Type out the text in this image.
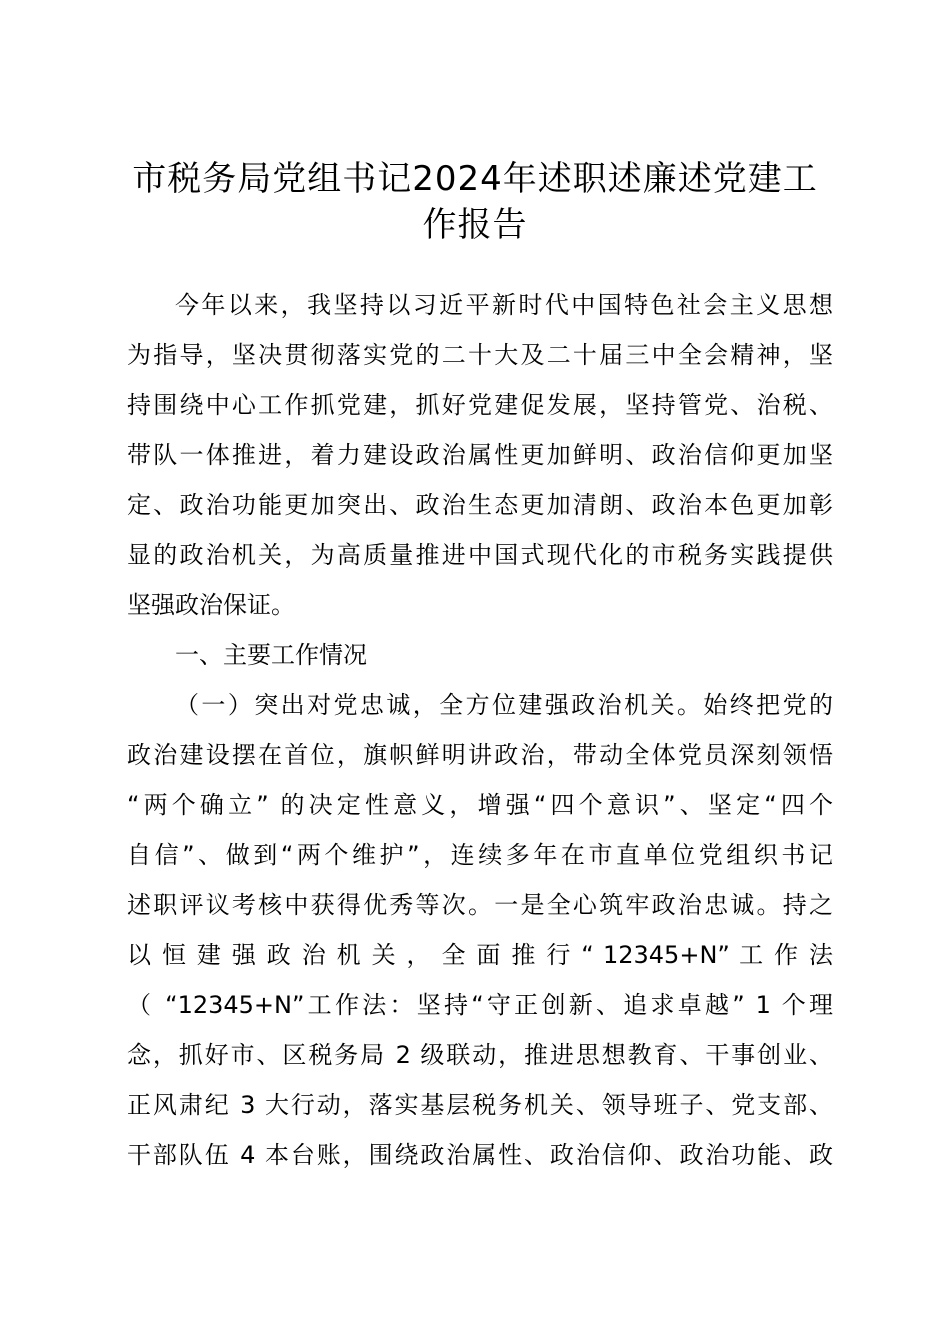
市税务局党组书记2024年述职述廉述党建工
作报告
今年以来，我坚持以习近平新时代中国特色社会主义思想
为指导，坚决贯彻落实党的二十大及二十届三中全会精神，坚
持围绕中心工作抓党建，抓好党建促发展，坚持管党、治税、
带队一体推进，着力建设政治属性更加鲜明、政治信仰更加坚
定、政治功能更加突出、政治生态更加清朗、政治本色更加彰
显的政治机关，为高质量推进中国式现代化的市税务实践提供
坚强政治保证。
一、主要工作情况
（一）突出对党忠诚，全方位建强政治机关。始终把党的
政治建设摆在首位，旗帜鲜明讲政治，带动全体党员深刻领悟
“两个确立” 的决定性意义，增强“四个意识”、坚定“四个
自信”、做到“两个维护”，连续多年在市直单位党组织书记
述职评议考核中获得优秀等次。一是全心筑牢政治忠诚。持之
以 恒 建 强 政 治 机 关 ， 全 面 推 行 “ 12345+N” 工 作 法
（ “12345+N”工作法：坚持“守正创新、追求卓越” 1 个理
念，抓好市、区税务局 2 级联动，推进思想教育、干事创业、
正风肃纪 3 大行动，落实基层税务机关、领导班子、党支部、
干部队伍 4 本台账，围绕政治属性、政治信仰、政治功能、政
